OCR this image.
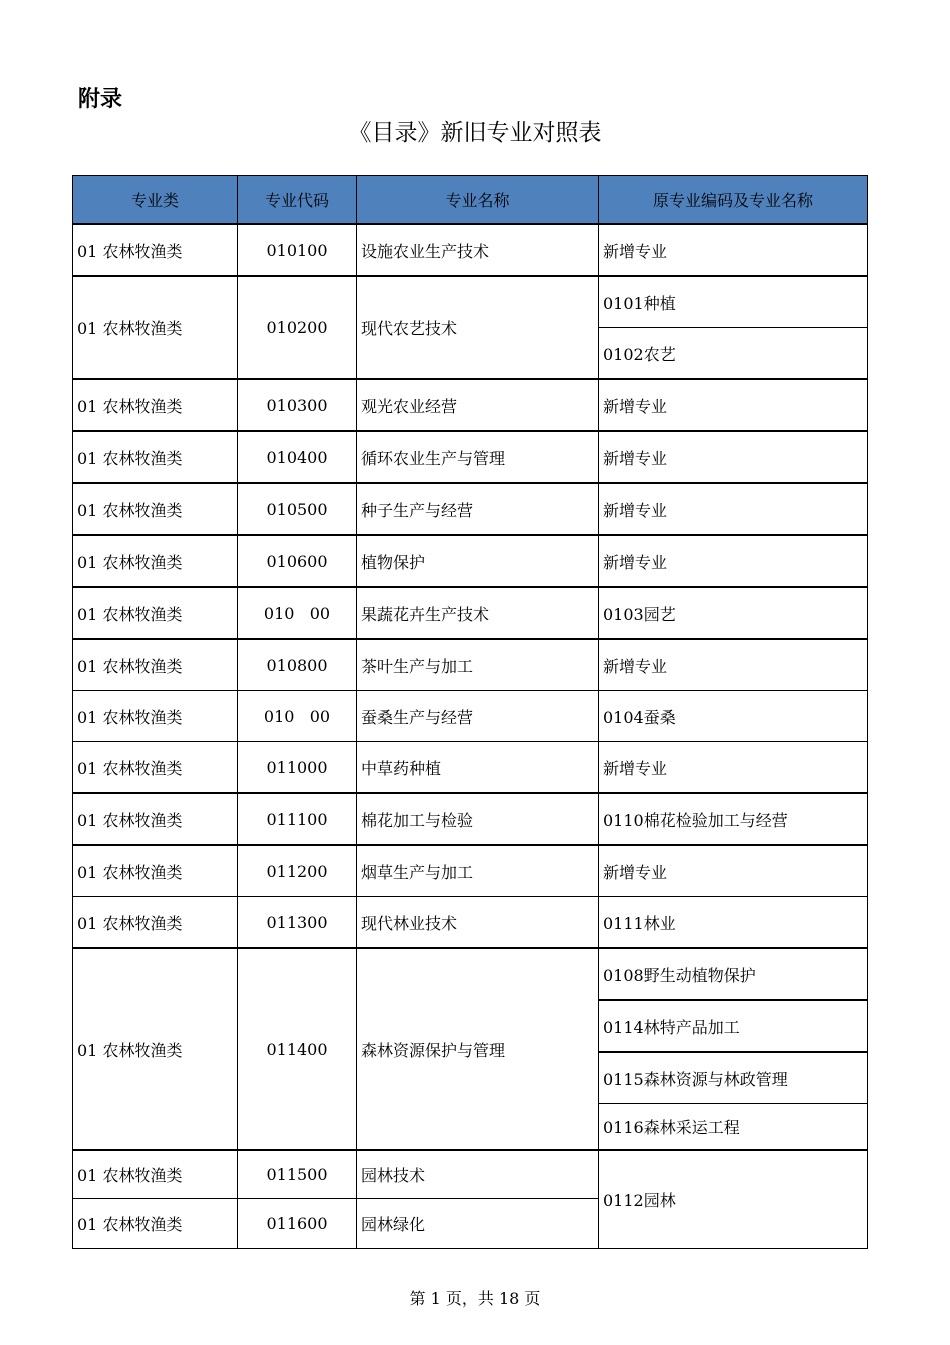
附录
《目录》新旧专业对照表
专业类	专业代码	专业名称	原专业编码及专业名称
01 农林牧渔类	010100	设施农业生产技术	新增专业
01 农林牧渔类	010200	现代农艺技术	0101种植
			0102农艺
01 农林牧渔类	010300	观光农业经营	新增专业
01 农林牧渔类	010400	循环农业生产与管理	新增专业
01 农林牧渔类	010500	种子生产与经营	新增专业
01 农林牧渔类	010600	植物保护	新增专业
01 农林牧渔类	010   00	果蔬花卉生产技术	0103园艺
01 农林牧渔类	010800	茶叶生产与加工	新增专业
01 农林牧渔类	010   00	蚕桑生产与经营	0104蚕桑
01 农林牧渔类	011000	中草药种植	新增专业
01 农林牧渔类	011100	棉花加工与检验	0110棉花检验加工与经营
01 农林牧渔类	011200	烟草生产与加工	新增专业
01 农林牧渔类	011300	现代林业技术	0111林业
01 农林牧渔类	011400	森林资源保护与管理	0108野生动植物保护
			0114林特产品加工
			0115森林资源与林政管理
			0116森林采运工程
01 农林牧渔类	011500	园林技术	0112园林
01 农林牧渔类	011600	园林绿化	
第 1 页，共 18 页
